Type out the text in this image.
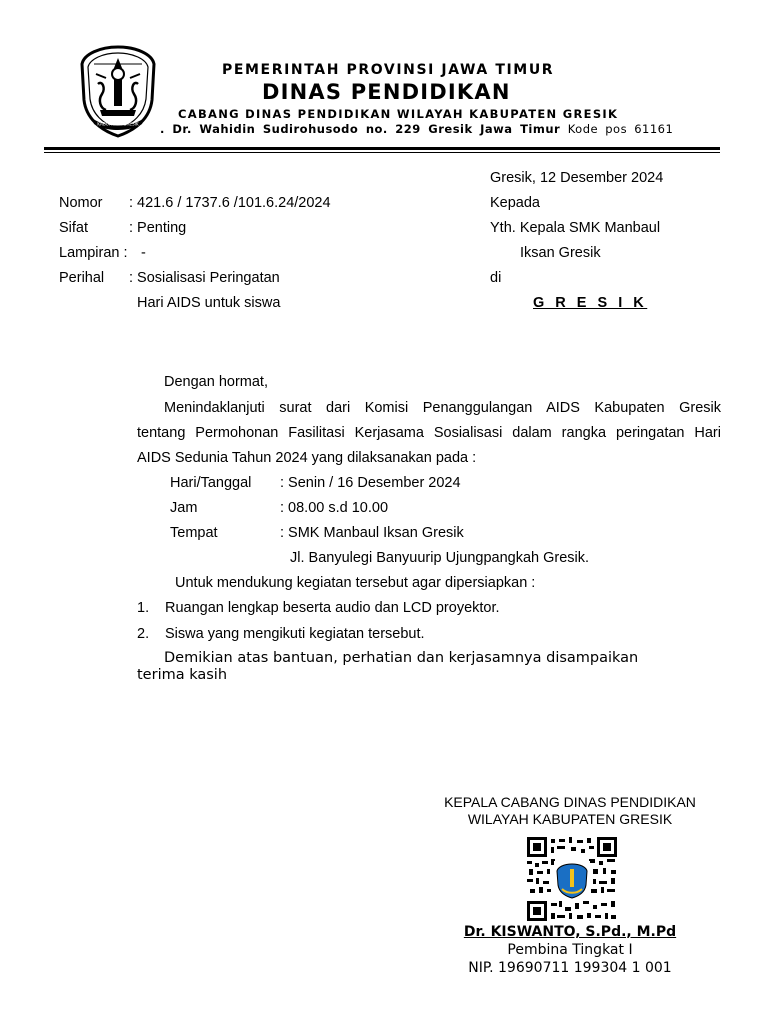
KABUPATEN GRESIK
PEMERINTAH PROVINSI JAWA TIMUR
DINAS PENDIDIKAN
CABANG DINAS PENDIDIKAN WILAYAH KABUPATEN GRESIK
. Dr. Wahidin Sudirohusodo no. 229 Gresik Jawa Timur Kode pos 61161
Gresik, 12 Desember 2024
Nomor : 421.6 / 1737.6 /101.6.24/2024	Kepada
Sifat	: Penting	Yth. Kepala SMK Manbaul
Lampiran : -	Iksan Gresik
Perihal : Sosialisasi Peringatan	di
Hari AIDS untuk siswa	G R E S I K
Dengan hormat,
Menindaklanjuti surat dari Komisi Penanggulangan AIDS Kabupaten Gresik
tentang Permohonan Fasilitasi Kerjasama Sosialisasi dalam rangka peringatan Hari
AIDS Sedunia Tahun 2024 yang dilaksanakan pada :
Hari/Tanggal : Senin / 16 Desember 2024
Jam	: 08.00 s.d 10.00
Tempat	: SMK Manbaul Iksan Gresik
Jl. Banyulegi Banyuurip Ujungpangkah Gresik.
Untuk mendukung kegiatan tersebut agar dipersiapkan :
1. Ruangan lengkap beserta audio dan LCD proyektor.
2. Siswa yang mengikuti kegiatan tersebut.
Demikian atas bantuan, perhatian dan kerjasamnya disampaikan
terima kasih
KEPALA CABANG DINAS PENDIDIKAN
WILAYAH KABUPATEN GRESIK
Dr. KISWANTO, S.Pd., M.Pd
Pembina Tingkat I
NIP. 19690711 199304 1 001
